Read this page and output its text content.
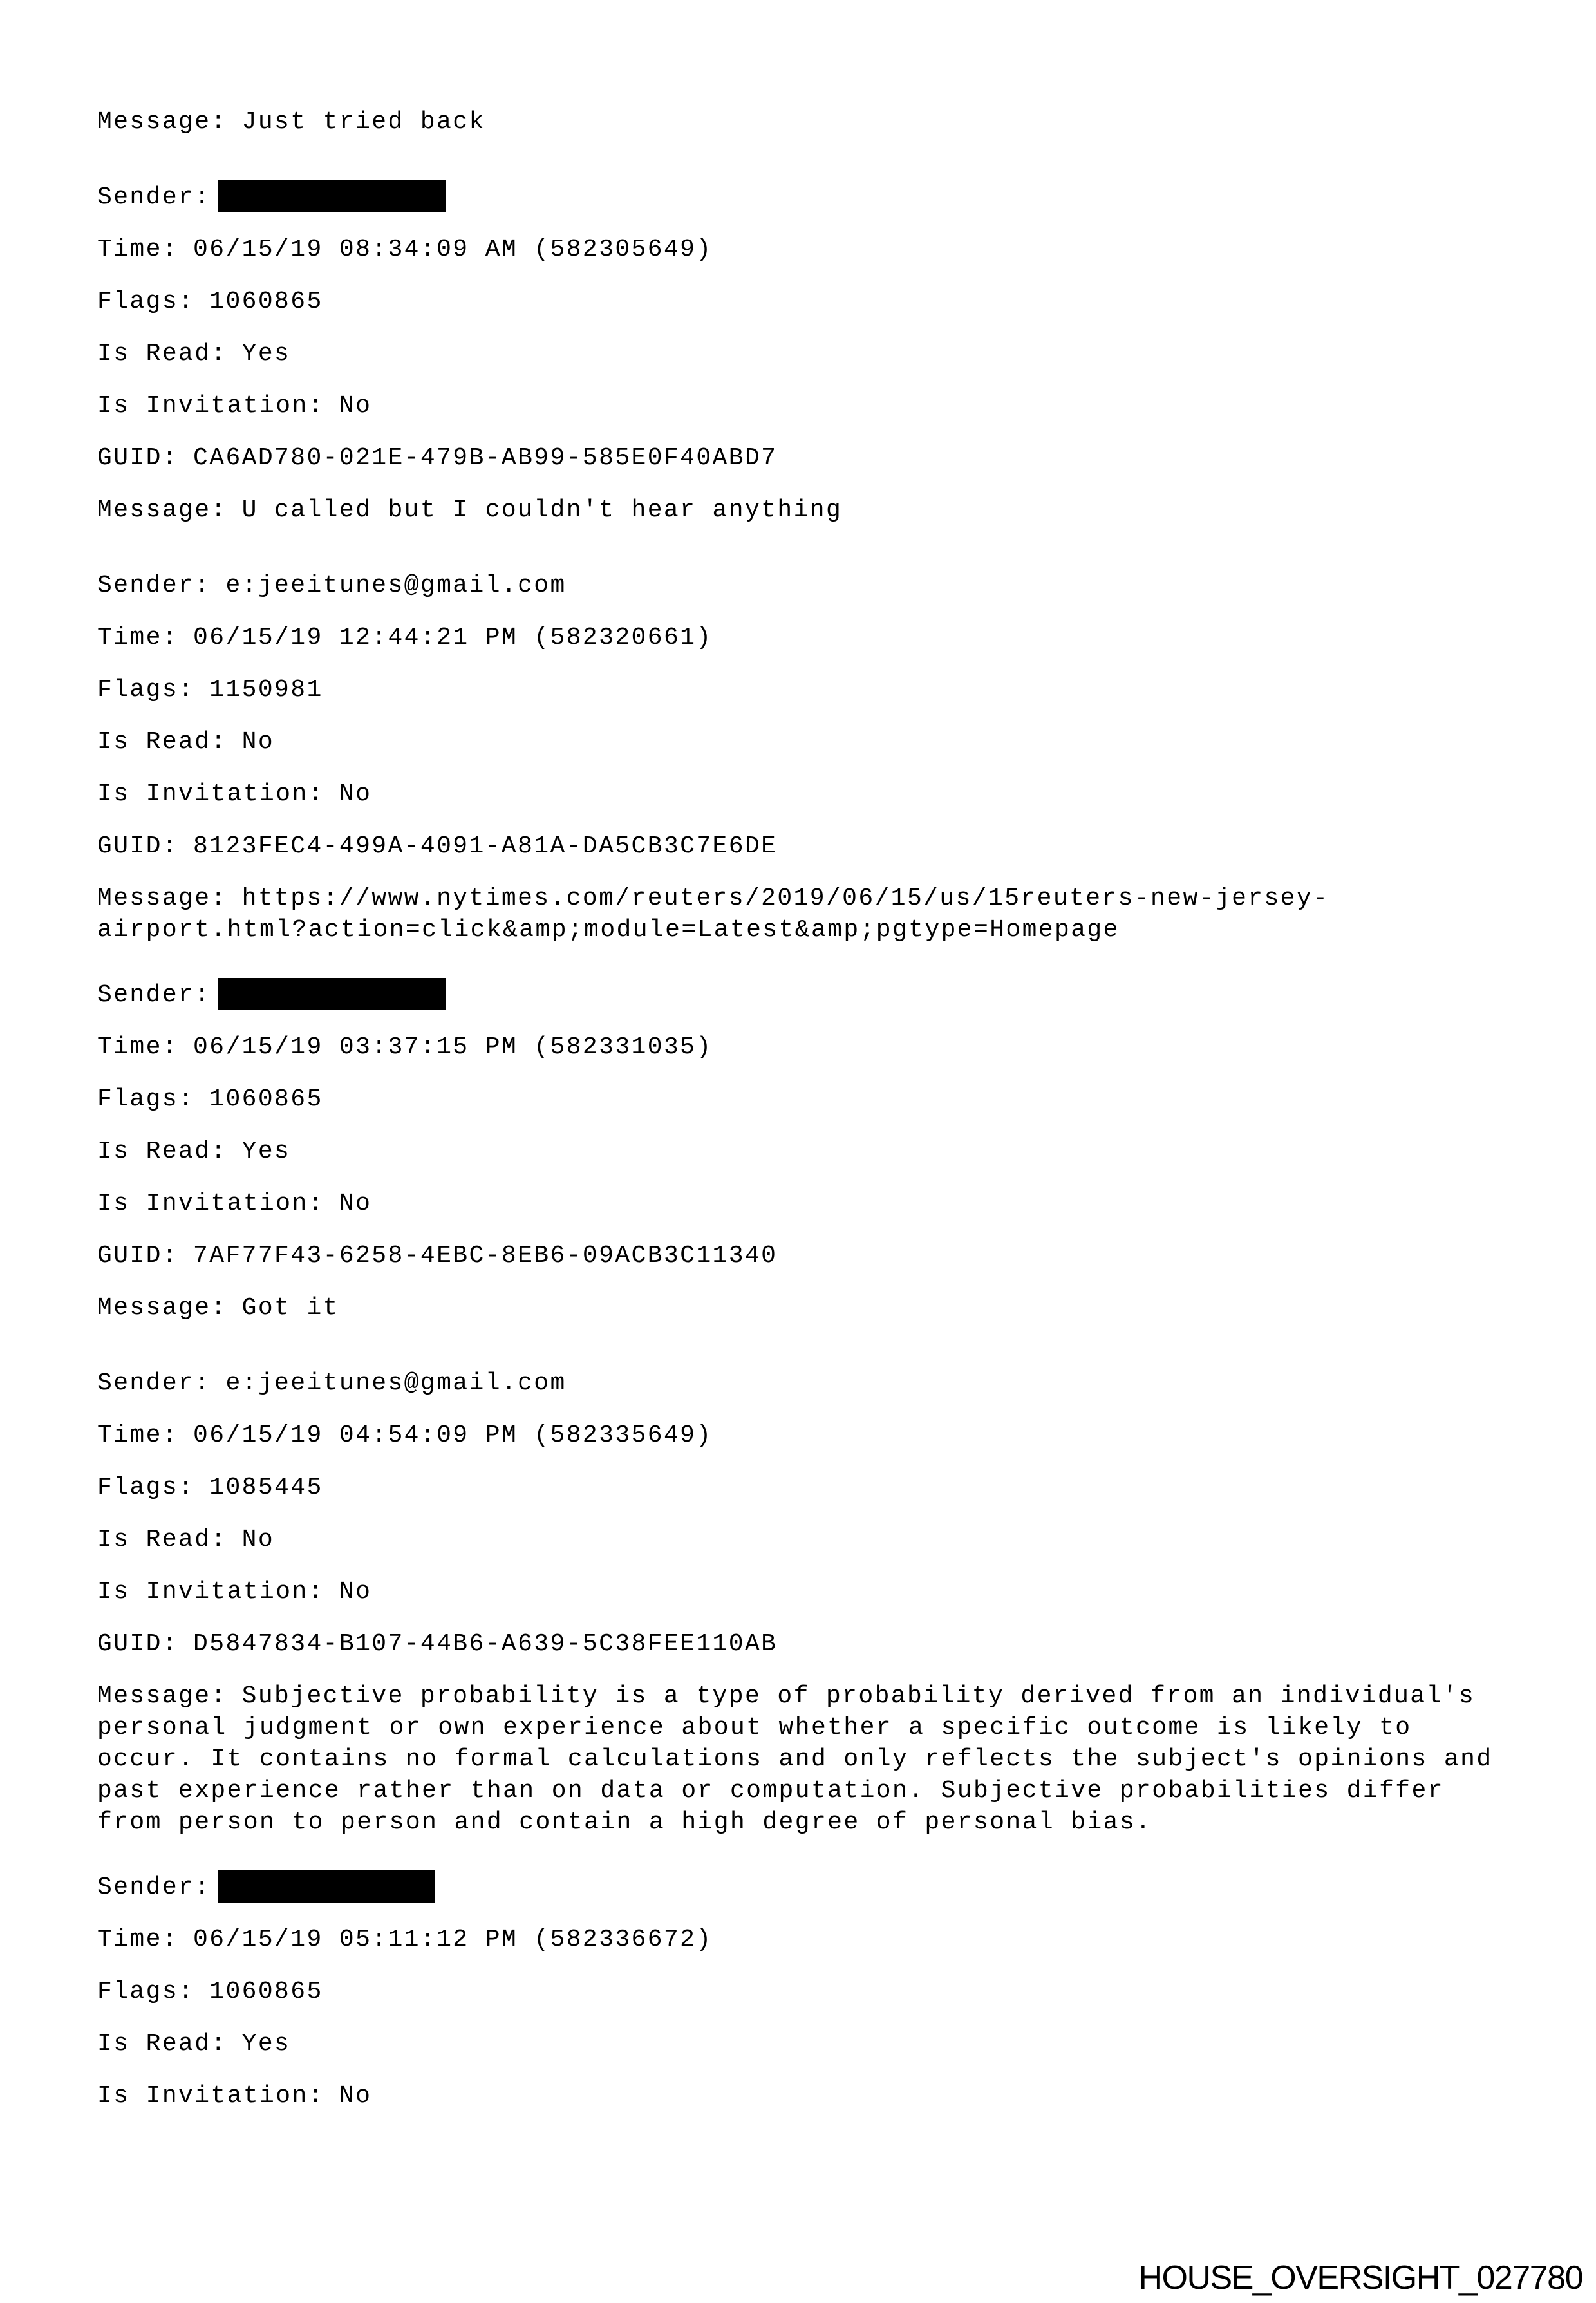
Message: Just tried back
Sender:
Time: 06/15/19 08:34:09 AM (582305649)
Flags: 1060865
Is Read: Yes
Is Invitation: No
GUID: CA6AD780-021E-479B-AB99-585E0F40ABD7
Message: U called but I couldn't hear anything
Sender: e:jeeitunes@gmail.com
Time: 06/15/19 12:44:21 PM (582320661)
Flags: 1150981
Is Read: No
Is Invitation: No
GUID: 8123FEC4-499A-4091-A81A-DA5CB3C7E6DE
Message: https://www.nytimes.com/reuters/2019/06/15/us/15reuters-new-jersey-
airport.html?action=click&amp;module=Latest&amp;pgtype=Homepage
Sender:
Time: 06/15/19 03:37:15 PM (582331035)
Flags: 1060865
Is Read: Yes
Is Invitation: No
GUID: 7AF77F43-6258-4EBC-8EB6-09ACB3C11340
Message: Got it
Sender: e:jeeitunes@gmail.com
Time: 06/15/19 04:54:09 PM (582335649)
Flags: 1085445
Is Read: No
Is Invitation: No
GUID: D5847834-B107-44B6-A639-5C38FEE110AB
Message: Subjective probability is a type of probability derived from an individual's
personal judgment or own experience about whether a specific outcome is likely to
occur. It contains no formal calculations and only reflects the subject's opinions and
past experience rather than on data or computation. Subjective probabilities differ
from person to person and contain a high degree of personal bias.
Sender:
Time: 06/15/19 05:11:12 PM (582336672)
Flags: 1060865
Is Read: Yes
Is Invitation: No
HOUSE_OVERSIGHT_027780
